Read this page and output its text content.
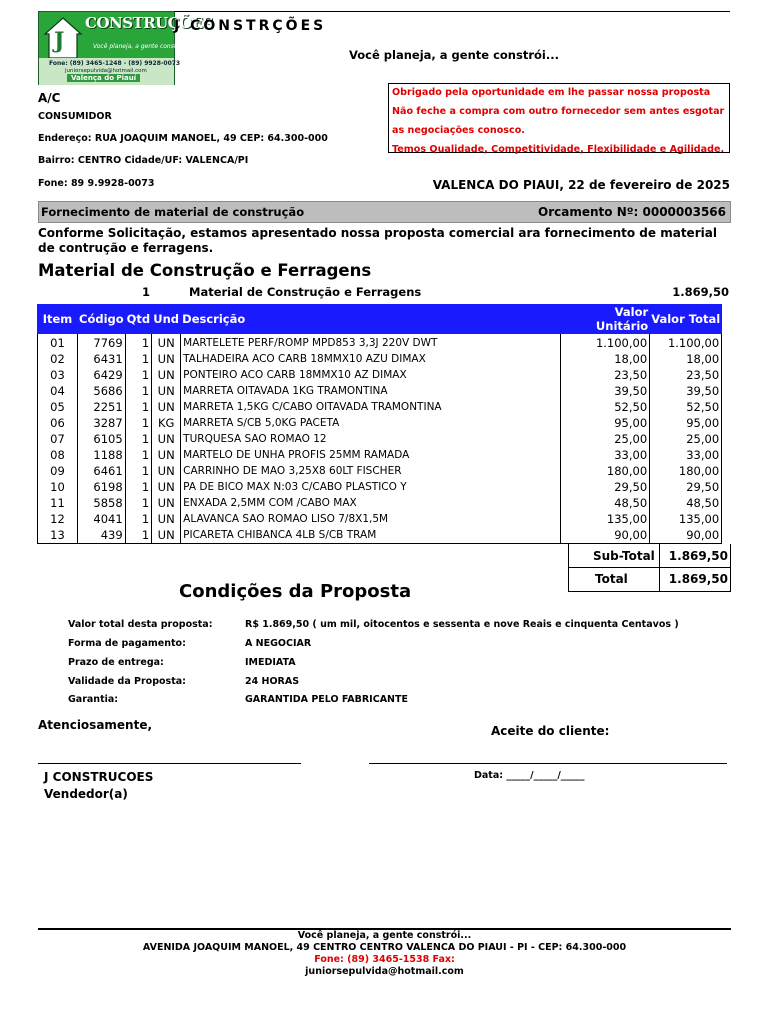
J
CONSTRUÇÕES
Você planeja, a gente constrói
Fone: (89) 3465-1248 - (89) 9928-0073
juniorsepulvida@hotmail.com
Valença do Piauí
J CONSTRÇÕES
Você planeja, a gente constrói...
A/C
CONSUMIDOR
Endereço: RUA JOAQUIM MANOEL, 49 CEP: 64.300-000
Bairro: CENTRO Cidade/UF: VALENCA/PI
Fone: 89 9.9928-0073
Obrigado pela oportunidade em lhe passar nossa proposta
Não feche a compra com outro fornecedor sem antes esgotar
as negociações conosco.
Temos Qualidade, Competitividade, Flexibilidade e Agilidade.
VALENCA DO PIAUI, 22 de fevereiro de 2025
Fornecimento de material de construção	Orcamento Nº: 0000003566
Conforme Solicitação, estamos apresentado nossa proposta comercial ara fornecimento de material de contrução e ferragens.
Material de Construção e Ferragens
1	Material de Construção e Ferragens	1.869,50
Item	Código	Qtd	Und	Descrição	Valor Unitário	Valor Total
01	7769	1	UN	MARTELETE PERF/ROMP MPD853 3,3J 220V DWT	1.100,00	1.100,00
02	6431	1	UN	TALHADEIRA ACO CARB 18MMX10 AZU DIMAX	18,00	18,00
03	6429	1	UN	PONTEIRO ACO CARB 18MMX10 AZ DIMAX	23,50	23,50
04	5686	1	UN	MARRETA OITAVADA 1KG TRAMONTINA	39,50	39,50
05	2251	1	UN	MARRETA 1,5KG C/CABO OITAVADA TRAMONTINA	52,50	52,50
06	3287	1	KG	MARRETA S/CB 5,0KG PACETA	95,00	95,00
07	6105	1	UN	TURQUESA SAO ROMAO 12	25,00	25,00
08	1188	1	UN	MARTELO DE UNHA PROFIS 25MM RAMADA	33,00	33,00
09	6461	1	UN	CARRINHO DE MAO 3,25X8 60LT FISCHER	180,00	180,00
10	6198	1	UN	PA DE BICO MAX N:03 C/CABO PLASTICO Y	29,50	29,50
11	5858	1	UN	ENXADA 2,5MM COM /CABO MAX	48,50	48,50
12	4041	1	UN	ALAVANCA SAO ROMAO LISO 7/8X1,5M	135,00	135,00
13	439	1	UN	PICARETA CHIBANCA 4LB S/CB TRAM	90,00	90,00
Sub-Total	1.869,50
Total	1.869,50
Condições da Proposta
Valor total desta proposta:	R$ 1.869,50 ( um mil, oitocentos e sessenta e nove Reais e cinquenta Centavos )
Forma de pagamento:	A NEGOCIAR
Prazo de entrega:	IMEDIATA
Validade da Proposta:	24 HORAS
Garantia:	GARANTIDA PELO FABRICANTE
Atenciosamente,	Aceite do cliente:
J CONSTRUCOES
Vendedor(a)
Data: _____/_____/_____
Você planeja, a gente constrói...
AVENIDA JOAQUIM MANOEL, 49 CENTRO CENTRO VALENCA DO PIAUI - PI - CEP: 64.300-000
Fone: (89) 3465-1538 Fax:
juniorsepulvida@hotmail.com
